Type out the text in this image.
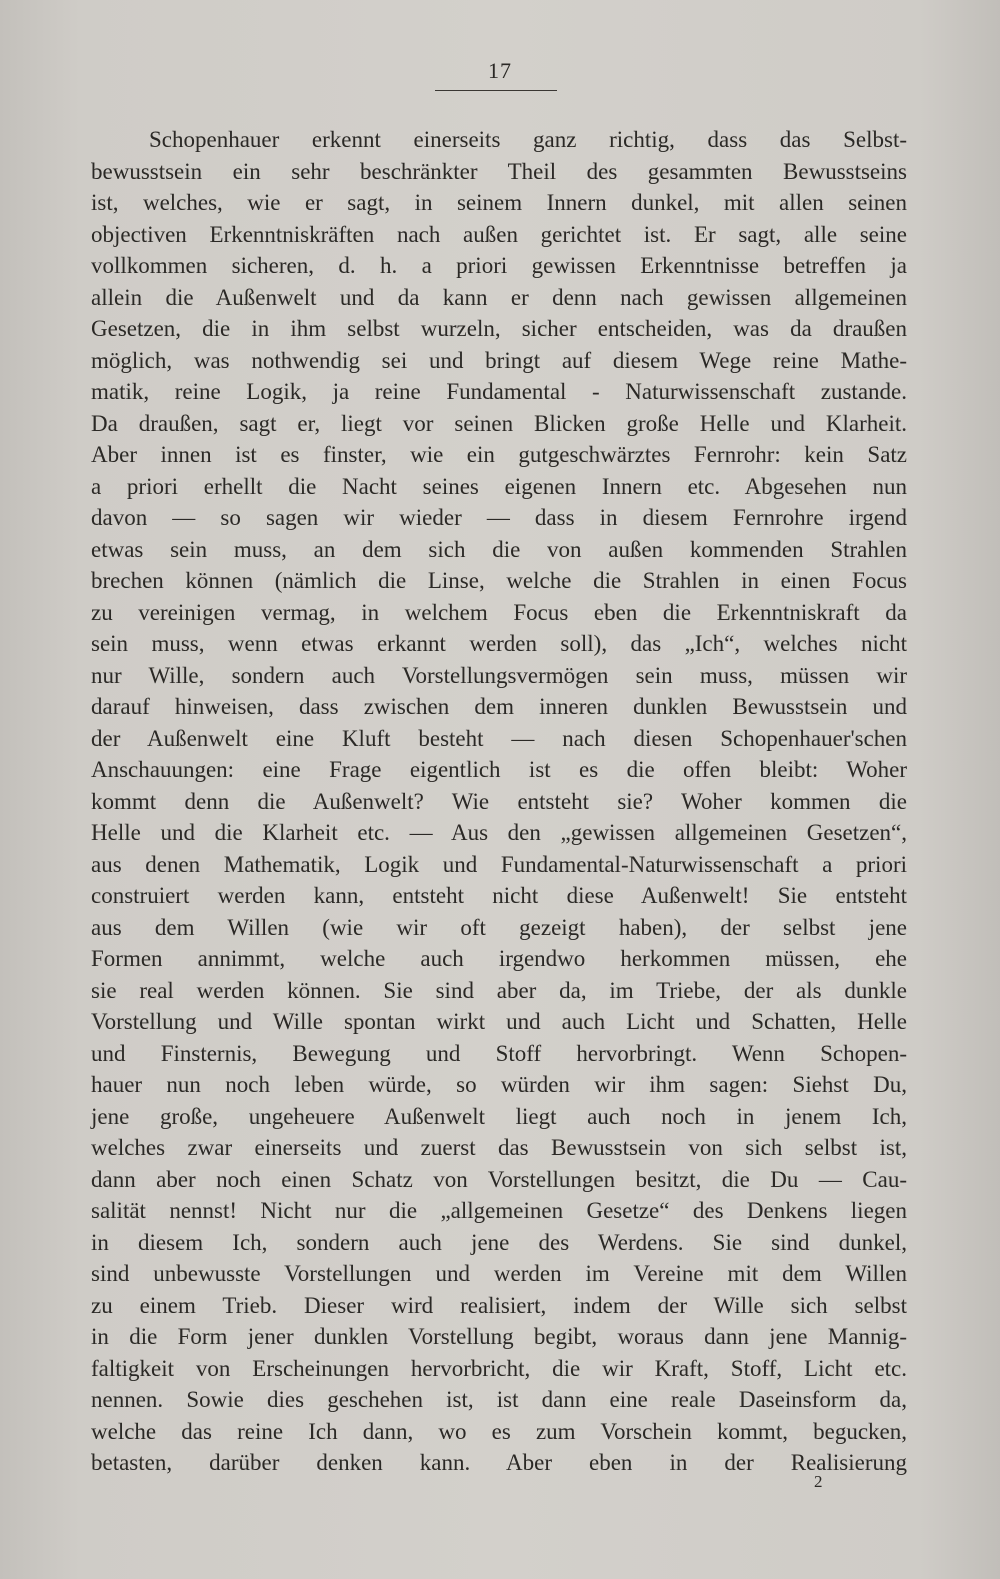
17
Schopenhauer erkennt einerseits ganz richtig, dass das Selbst-
bewusstsein ein sehr beschränkter Theil des gesammten Bewusstseins
ist, welches, wie er sagt, in seinem Innern dunkel, mit allen seinen
objectiven Erkenntniskräften nach außen gerichtet ist. Er sagt, alle seine
vollkommen sicheren, d. h. a priori gewissen Erkenntnisse betreffen ja
allein die Außenwelt und da kann er denn nach gewissen allgemeinen
Gesetzen, die in ihm selbst wurzeln, sicher entscheiden, was da draußen
möglich, was nothwendig sei und bringt auf diesem Wege reine Mathe-
matik, reine Logik, ja reine Fundamental - Naturwissenschaft zustande.
Da draußen, sagt er, liegt vor seinen Blicken große Helle und Klarheit.
Aber innen ist es finster, wie ein gutgeschwärztes Fernrohr: kein Satz
a priori erhellt die Nacht seines eigenen Innern etc. Abgesehen nun
davon — so sagen wir wieder — dass in diesem Fernrohre irgend
etwas sein muss, an dem sich die von außen kommenden Strahlen
brechen können (nämlich die Linse, welche die Strahlen in einen Focus
zu vereinigen vermag, in welchem Focus eben die Erkenntniskraft da
sein muss, wenn etwas erkannt werden soll), das „Ich“, welches nicht
nur Wille, sondern auch Vorstellungsvermögen sein muss, müssen wir
darauf hinweisen, dass zwischen dem inneren dunklen Bewusstsein und
der Außenwelt eine Kluft besteht — nach diesen Schopenhauer'schen
Anschauungen: eine Frage eigentlich ist es die offen bleibt: Woher
kommt denn die Außenwelt? Wie entsteht sie? Woher kommen die
Helle und die Klarheit etc. — Aus den „gewissen allgemeinen Gesetzen“,
aus denen Mathematik, Logik und Fundamental-Naturwissenschaft a priori
construiert werden kann, entsteht nicht diese Außenwelt! Sie entsteht
aus dem Willen (wie wir oft gezeigt haben), der selbst jene
Formen annimmt, welche auch irgendwo herkommen müssen, ehe
sie real werden können. Sie sind aber da, im Triebe, der als dunkle
Vorstellung und Wille spontan wirkt und auch Licht und Schatten, Helle
und Finsternis, Bewegung und Stoff hervorbringt. Wenn Schopen-
hauer nun noch leben würde, so würden wir ihm sagen: Siehst Du,
jene große, ungeheuere Außenwelt liegt auch noch in jenem Ich,
welches zwar einerseits und zuerst das Bewusstsein von sich selbst ist,
dann aber noch einen Schatz von Vorstellungen besitzt, die Du — Cau-
salität nennst! Nicht nur die „allgemeinen Gesetze“ des Denkens liegen
in diesem Ich, sondern auch jene des Werdens. Sie sind dunkel,
sind unbewusste Vorstellungen und werden im Vereine mit dem Willen
zu einem Trieb. Dieser wird realisiert, indem der Wille sich selbst
in die Form jener dunklen Vorstellung begibt, woraus dann jene Mannig-
faltigkeit von Erscheinungen hervorbricht, die wir Kraft, Stoff, Licht etc.
nennen. Sowie dies geschehen ist, ist dann eine reale Daseinsform da,
welche das reine Ich dann, wo es zum Vorschein kommt, begucken,
betasten, darüber denken kann. Aber eben in der Realisierung
2
